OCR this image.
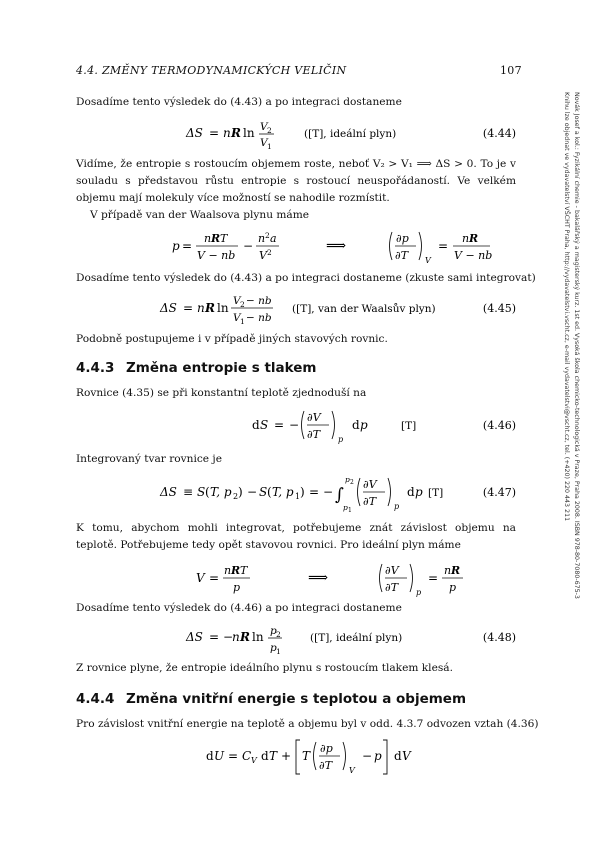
4.4. ZMĚNY TERMODYNAMICKÝCH VELIČIN	107
Novák Josef a kol.: Fyzikální chemie - bakalářský a magisterský kurz. 1st ed. Vysoká škola chemicko-technologická v Praze, Praha 2008. ISBN 978-80-7080-675-3
Knihu lze objednat ve vydavatelství VŠCHT Praha, http://vydavatelstvi.vscht.cz, e-mail vydavatelstvi@vscht.cz, tel. (+420) 220 443 211
Dosadíme tento výsledek do (4.43) a po integraci dostaneme
ΔS = n R ln V 2
V 1
([T], ideální plyn)	(4.44)
Vidíme, že entropie s rostoucím objemem roste, neboť V₂ > V₁ ⟹ ΔS > 0. To je v souladu s představou růstu entropie s rostoucí neuspořádaností. Ve velkém objemu mají molekuly více možností se nahodile rozmístit.
V případě van der Waalsova plynu máme
p =
n R T
V − nb
−
n 2 a
V 2	⟹	∂p
∂T V
=
n R
V − nb
Dosadíme tento výsledek do (4.43) a po integraci dostaneme (zkuste sami integrovat)
ΔS = n R ln V 2 − nb
V 1 − nb
([T], van der Waalsův plyn)	(4.45)
Podobně postupujeme i v případě jiných stavových rovnic.
4.4.3 Změna entropie s tlakem
Rovnice (4.35) se při konstantní teplotě zjednoduší na
d S = −
∂V
∂T p
d p	[T]	(4.46)
Integrovaný tvar rovnice je
ΔS ≡ S ( T, p 2 ) − S ( T, p 1 ) = − ∫
p 2
p 1
∂V
∂T p
d p [T]	(4.47)
K tomu, abychom mohli integrovat, potřebujeme znát závislost objemu na teplotě. Potřebujeme tedy opět stavovou rovnici. Pro ideální plyn máme
V =
n R T
p
⟹	∂V
∂T p
=
n R
p
Dosadíme tento výsledek do (4.46) a po integraci dostaneme
ΔS = −
n R ln p 2
p 1
([T], ideální plyn)	(4.48)
Z rovnice plyne, že entropie ideálního plynu s rostoucím tlakem klesá.
4.4.4 Změna vnitřní energie s teplotou a objemem
Pro závislost vnitřní energie na teplotě a objemu byl v odd. 4.3.7 odvozen vztah (4.36)
d U = C V d T + T
∂p
∂T V
− p d V
